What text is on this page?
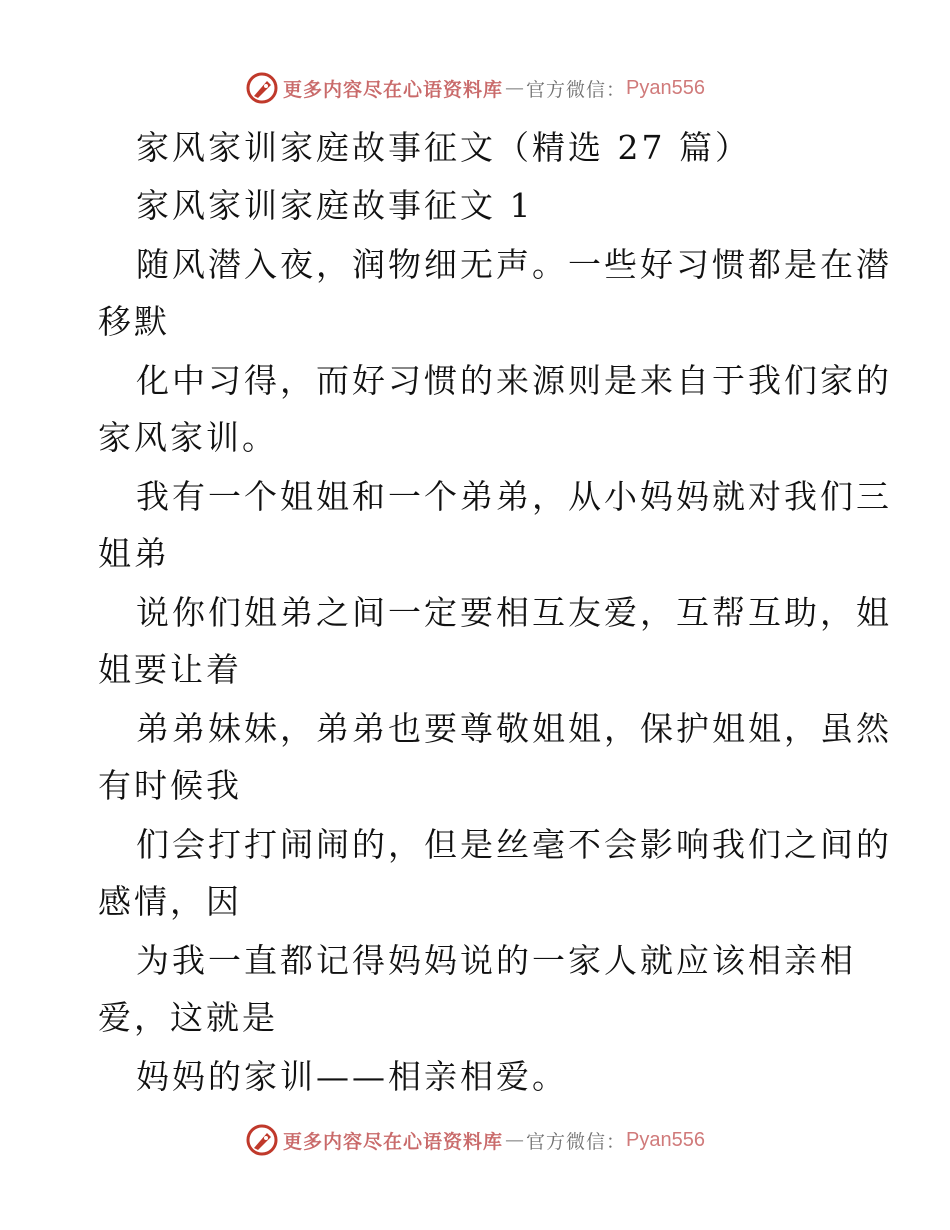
更多内容尽在心语资料库 — 官方微信： Pyan556
家风家训家庭故事征文（精选 27 篇）
家风家训家庭故事征文 1
随风潜入夜，润物细无声。一些好习惯都是在潜
移默
化中习得，而好习惯的来源则是来自于我们家的
家风家训。
我有一个姐姐和一个弟弟，从小妈妈就对我们三
姐弟
说你们姐弟之间一定要相互友爱，互帮互助，姐
姐要让着
弟弟妹妹，弟弟也要尊敬姐姐，保护姐姐，虽然
有时候我
们会打打闹闹的，但是丝毫不会影响我们之间的
感情，因
为我一直都记得妈妈说的一家人就应该相亲相
爱，这就是
妈妈的家训——相亲相爱。
更多内容尽在心语资料库 — 官方微信： Pyan556
